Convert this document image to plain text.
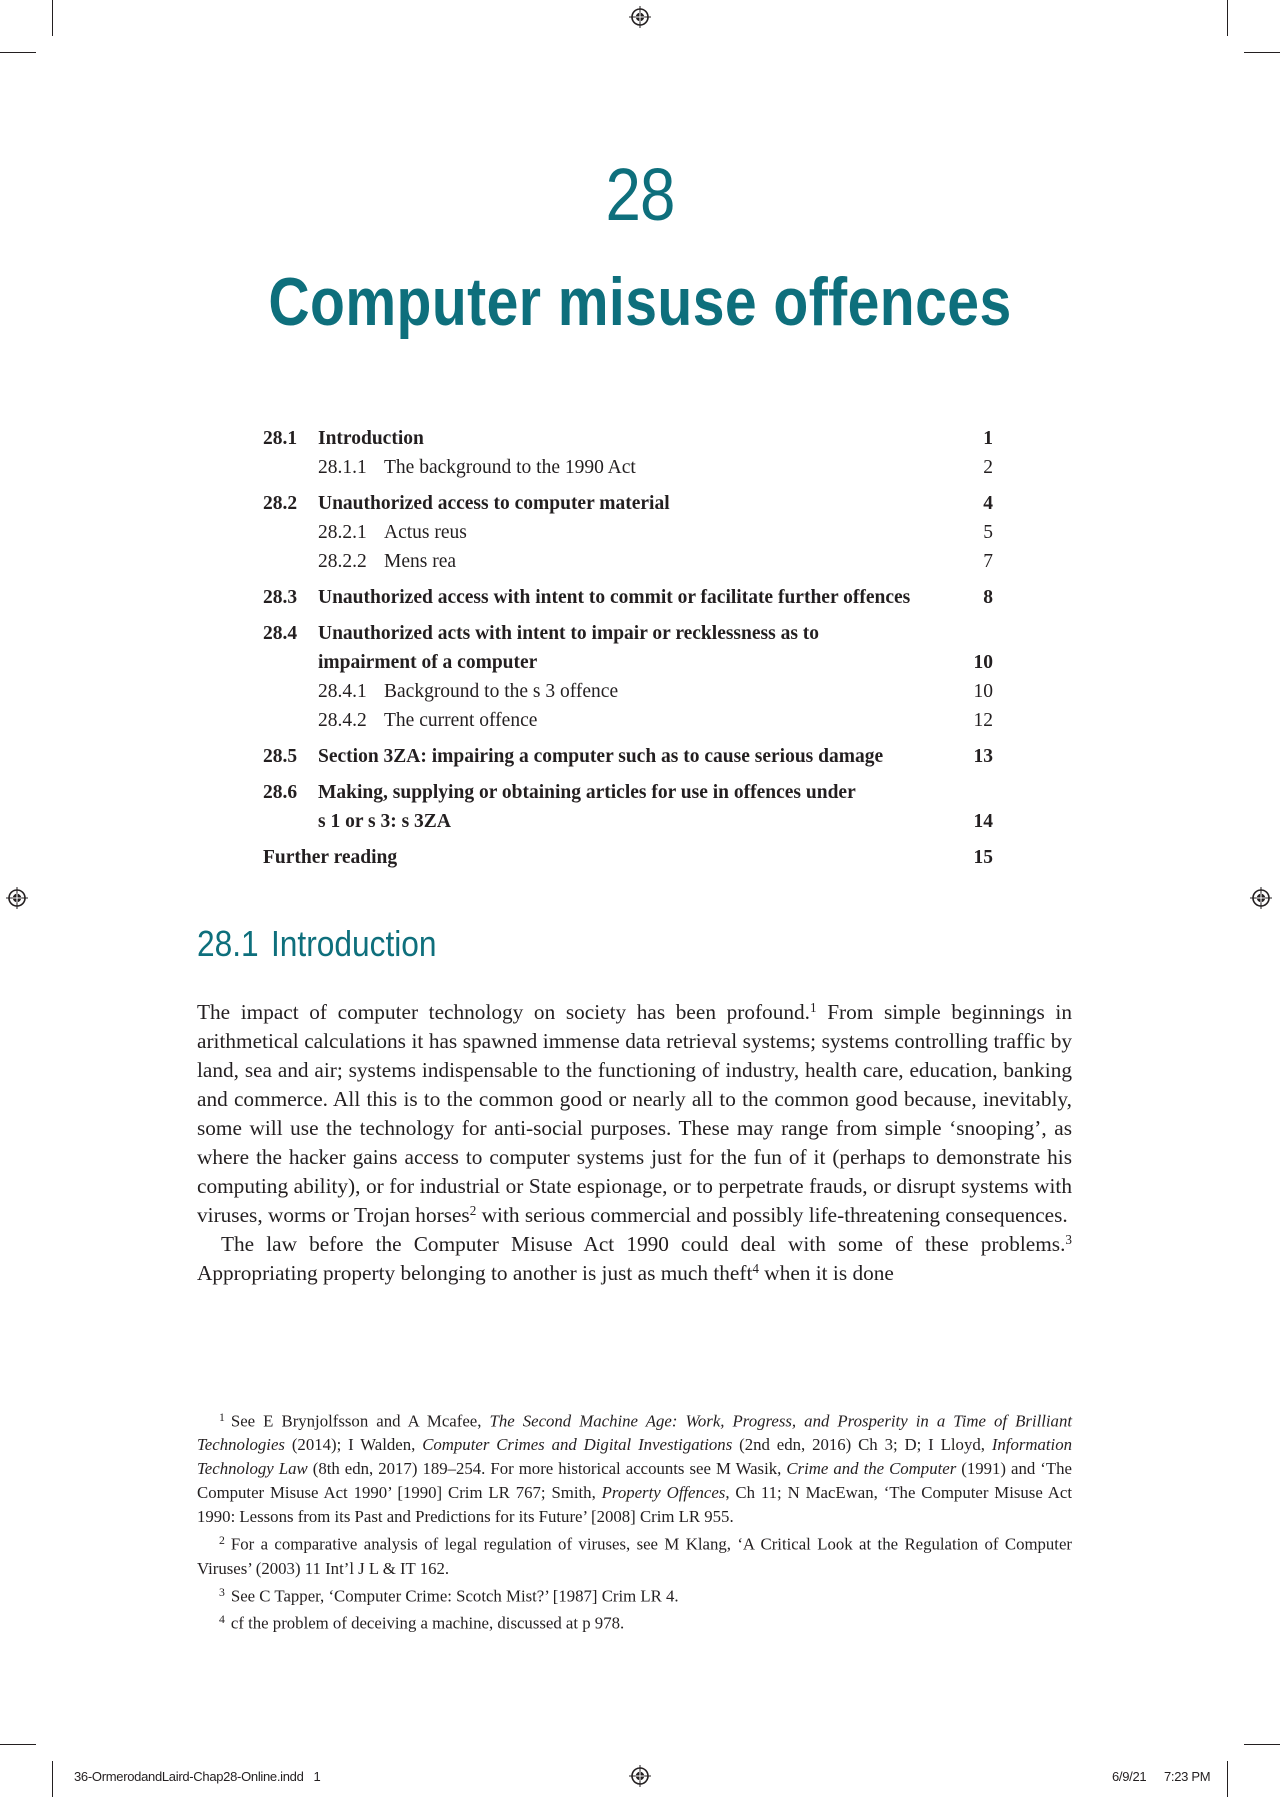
28
Computer misuse offences
28.1	Introduction	1
28.1.1 The background to the 1990 Act	2
28.2	Unauthorized access to computer material	4
28.2.1 Actus reus	5
28.2.2 Mens rea	7
28.3	Unauthorized access with intent to commit or facilitate further offences	8
28.4	Unauthorized acts with intent to impair or recklessness as to
impairment of a computer	10
28.4.1 Background to the s 3 offence	10
28.4.2 The current offence	12
28.5	Section 3ZA: impairing a computer such as to cause serious damage	13
28.6	Making, supplying or obtaining articles for use in offences under
s 1 or s 3: s 3ZA	14
Further reading	15
28.1 Introduction

The impact of computer technology on society has been profound.$^1$ From simple beginnings in arithmetical calculations it has spawned immense data retrieval systems; systems controlling traffic by land, sea and air; systems indispensable to the functioning of industry, health care, education, banking and commerce. All this is to the common good or nearly all to the common good because, inevitably, some will use the technology for anti-social purposes. These may range from simple ‘snooping’, as where the hacker gains access to computer systems just for the fun of it (perhaps to demonstrate his computing ability), or for industrial or State espionage, or to perpetrate frauds, or disrupt systems with viruses, worms or Trojan horses$^2$ with serious commercial and possibly life-threatening consequences.

The law before the Computer Misuse Act 1990 could deal with some of these problems.$^3$ Appropriating property belonging to another is just as much theft$^4$ when it is done

$^1$ See E Brynjolfsson and A Mcafee, The Second Machine Age: Work, Progress, and Prosperity in a Time of Brilliant Technologies (2014); I Walden, Computer Crimes and Digital Investigations (2nd edn, 2016) Ch 3; D; I Lloyd, Information Technology Law (8th edn, 2017) 189–254. For more historical accounts see M Wasik, Crime and the Computer (1991) and ‘The Computer Misuse Act 1990’ [1990] Crim LR 767; Smith, Property Offences, Ch 11; N MacEwan, ‘The Computer Misuse Act 1990: Lessons from its Past and Predictions for its Future’ [2008] Crim LR 955.

$^2$ For a comparative analysis of legal regulation of viruses, see M Klang, ‘A Critical Look at the Regulation of Computer Viruses’ (2003) 11 Int’l J L & IT 162.

$^3$ See C Tapper, ‘Computer Crime: Scotch Mist?’ [1987] Crim LR 4.

$^4$ cf the problem of deceiving a machine, discussed at p 978.

36-OrmerodandLaird-Chap28-Online.indd   1	6/9/21 7:23 PM
